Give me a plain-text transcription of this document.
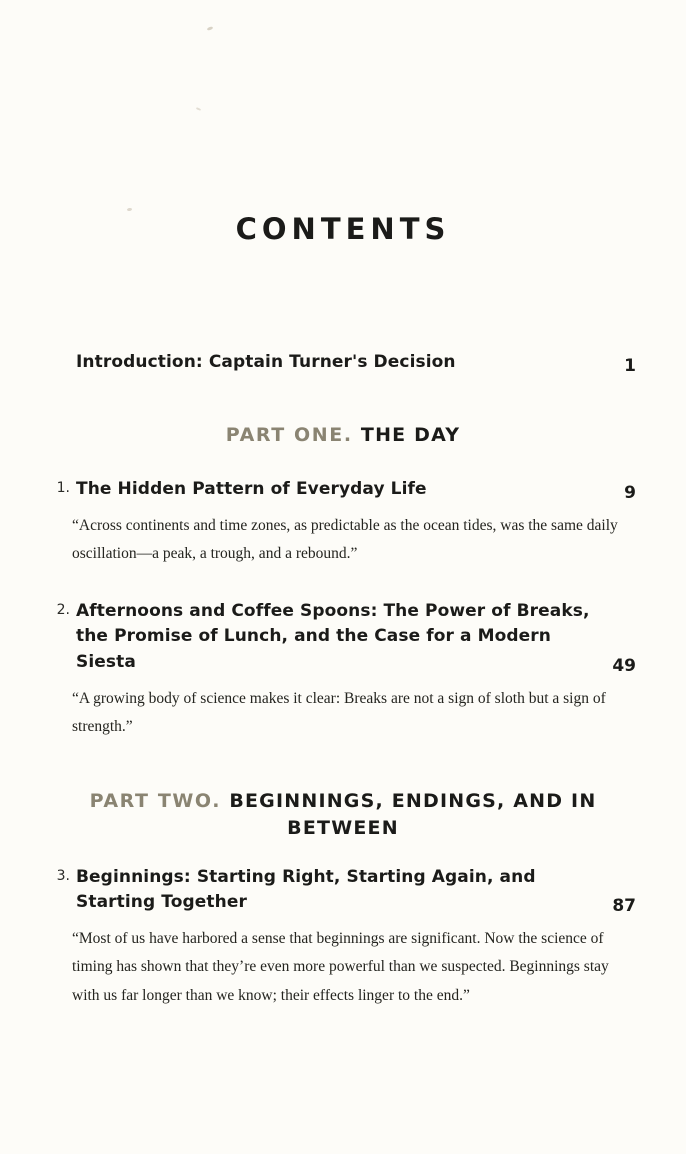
CONTENTS
Introduction: Captain Turner's Decision	1
PART ONE. THE DAY
1. The Hidden Pattern of Everyday Life	9
“Across continents and time zones, as predictable as the ocean tides, was the same daily oscillation—a peak, a trough, and a rebound.”
2. Afternoons and Coffee Spoons: The Power of Breaks, the Promise of Lunch, and the Case for a Modern Siesta	49
“A growing body of science makes it clear: Breaks are not a sign of sloth but a sign of strength.”
PART TWO. BEGINNINGS, ENDINGS, AND IN BETWEEN
3. Beginnings: Starting Right, Starting Again, and Starting Together	87
“Most of us have harbored a sense that beginnings are significant. Now the science of timing has shown that they’re even more powerful than we suspected. Beginnings stay with us far longer than we know; their effects linger to the end.”
